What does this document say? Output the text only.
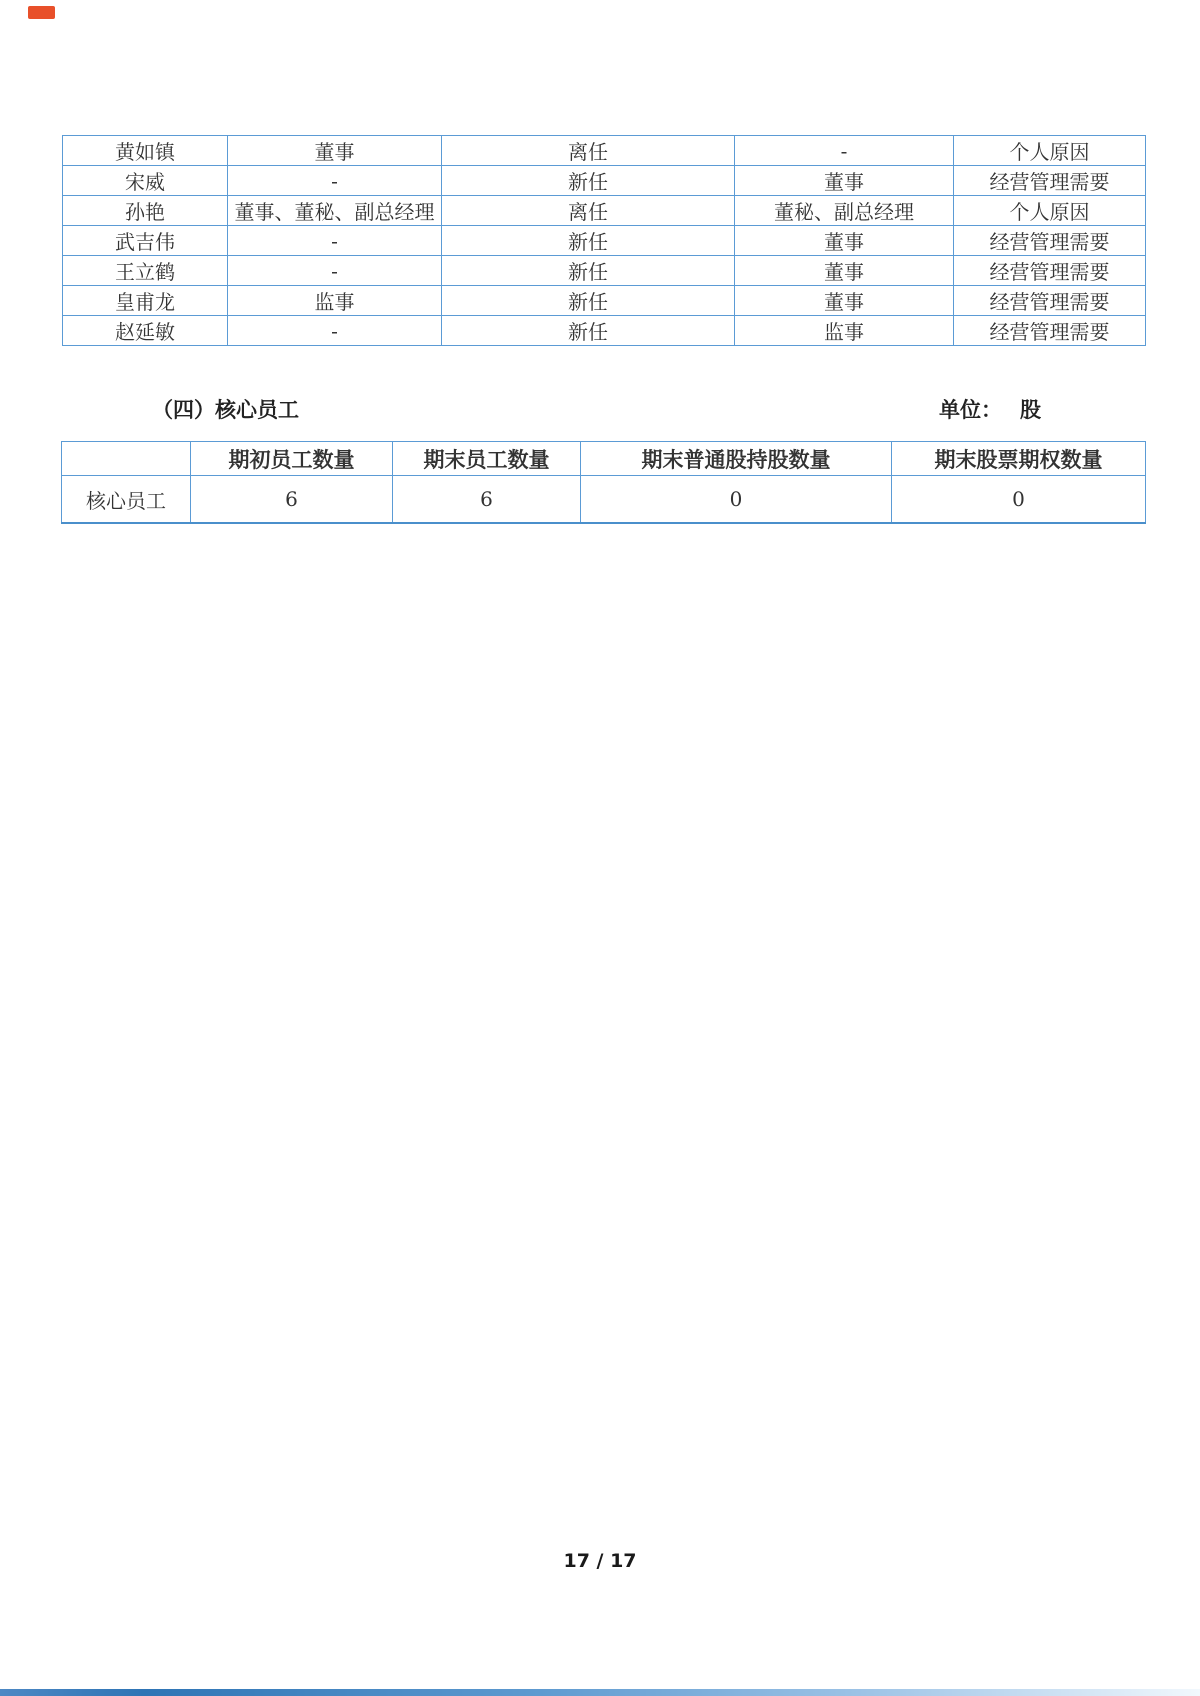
黄如镇	董事	离任	-	个人原因
宋威	-	新任	董事	经营管理需要
孙艳	董事、董秘、副总经理	离任	董秘、副总经理	个人原因
武吉伟	-	新任	董事	经营管理需要
王立鹤	-	新任	董事	经营管理需要
皇甫龙	监事	新任	董事	经营管理需要
赵延敏	-	新任	监事	经营管理需要
（四）核心员工	单位： 股
	期初员工数量	期末员工数量	期末普通股持股数量	期末股票期权数量
核心员工	6	6	0	0
17 / 17
